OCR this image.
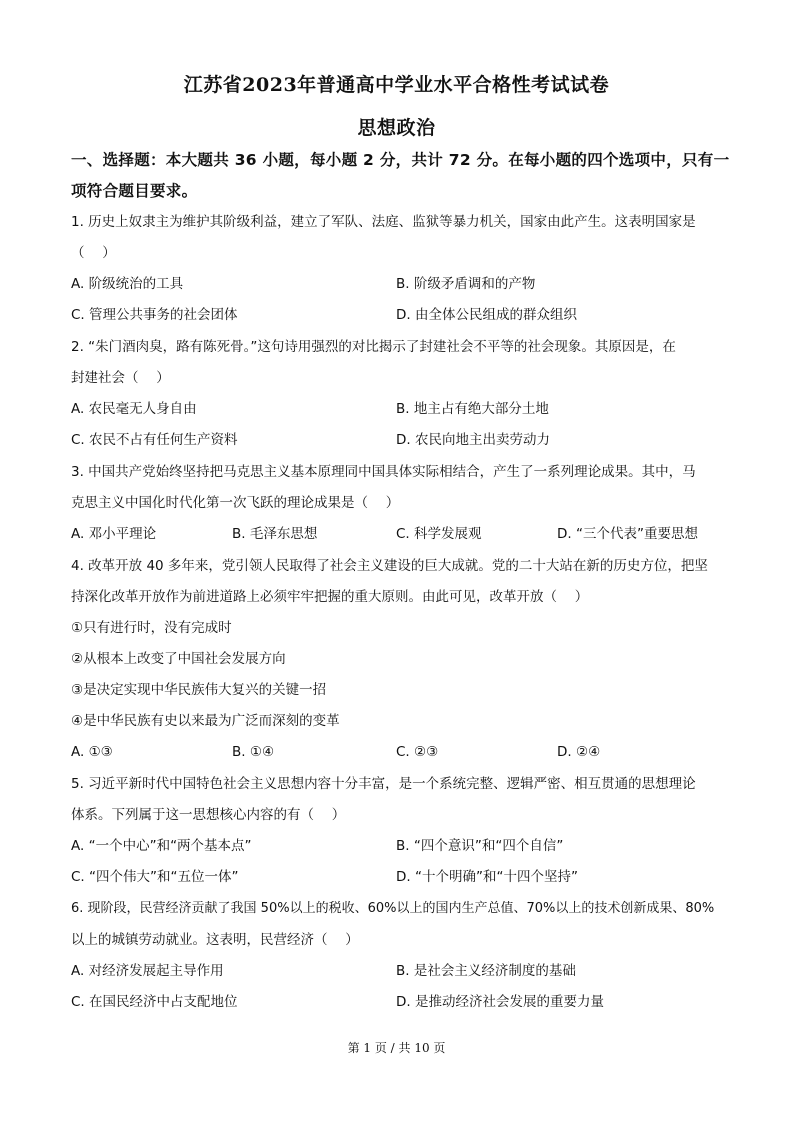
江苏省2023年普通高中学业水平合格性考试试卷
思想政治
一、选择题：本大题共 36 小题，每小题 2 分，共计 72 分。在每小题的四个选项中，只有一
项符合题目要求。
1. 历史上奴隶主为维护其阶级利益，建立了军队、法庭、监狱等暴力机关，国家由此产生。这表明国家是
（　 ）
A. 阶级统治的工具	B. 阶级矛盾调和的产物
C. 管理公共事务的社会团体	D. 由全体公民组成的群众组织
2. “朱门酒肉臭，路有陈死骨。”这句诗用强烈的对比揭示了封建社会不平等的社会现象。其原因是，在
封建社会（　 ）
A. 农民毫无人身自由	B. 地主占有绝大部分土地
C. 农民不占有任何生产资料	D. 农民向地主出卖劳动力
3. 中国共产党始终坚持把马克思主义基本原理同中国具体实际相结合，产生了一系列理论成果。其中，马
克思主义中国化时代化第一次飞跃的理论成果是（　 ）
A. 邓小平理论	B. 毛泽东思想	C. 科学发展观	D. “三个代表”重要思想
4. 改革开放 40 多年来，党引领人民取得了社会主义建设的巨大成就。党的二十大站在新的历史方位，把坚
持深化改革开放作为前进道路上必须牢牢把握的重大原则。由此可见，改革开放（　 ）
①只有进行时，没有完成时
②从根本上改变了中国社会发展方向
③是决定实现中华民族伟大复兴的关键一招
④是中华民族有史以来最为广泛而深刻的变革
A. ①③	B. ①④	C. ②③	D. ②④
5. 习近平新时代中国特色社会主义思想内容十分丰富，是一个系统完整、逻辑严密、相互贯通的思想理论
体系。下列属于这一思想核心内容的有（　 ）
A. “一个中心”和“两个基本点”	B. “四个意识”和“四个自信”
C. “四个伟大”和“五位一体”	D. “十个明确”和“十四个坚持”
6. 现阶段，民营经济贡献了我国 50%以上的税收、60%以上的国内生产总值、70%以上的技术创新成果、80%
以上的城镇劳动就业。这表明，民营经济（　 ）
A. 对经济发展起主导作用	B. 是社会主义经济制度的基础
C. 在国民经济中占支配地位	D. 是推动经济社会发展的重要力量
第 1 页 / 共 10 页
